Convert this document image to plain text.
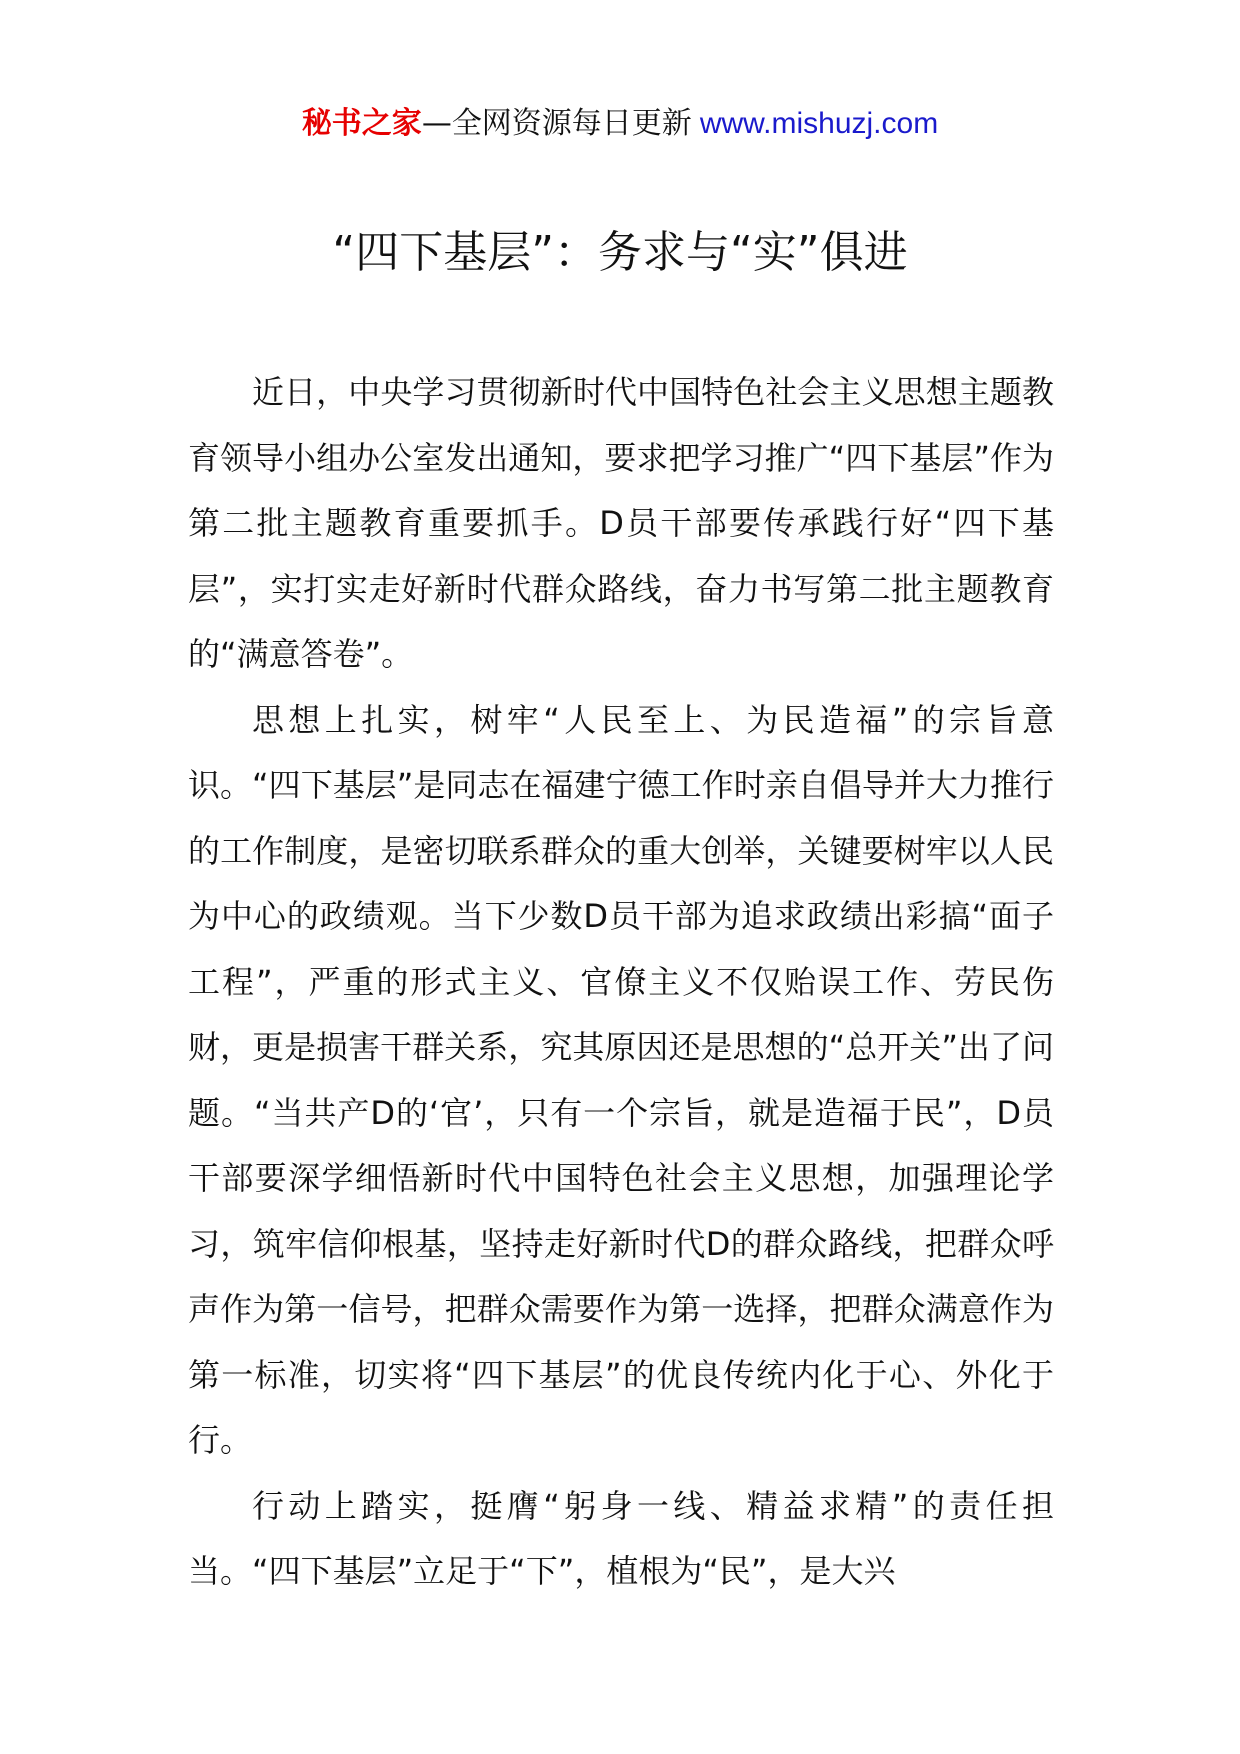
秘书之家—全网资源每日更新 www.mishuzj.com
“四下基层”：务求与“实”俱进

近日，中央学习贯彻新时代中国特色社会主义思想主题教育领导小组办公室发出通知，要求把学习推广“四下基层”作为第二批主题教育重要抓手。D员干部要传承践行好“四下基层”，实打实走好新时代群众路线，奋力书写第二批主题教育的“满意答卷”。

思想上扎实，树牢“人民至上、为民造福”的宗旨意识。“四下基层”是同志在福建宁德工作时亲自倡导并大力推行的工作制度，是密切联系群众的重大创举，关键要树牢以人民为中心的政绩观。当下少数D员干部为追求政绩出彩搞“面子工程”，严重的形式主义、官僚主义不仅贻误工作、劳民伤财，更是损害干群关系，究其原因还是思想的“总开关”出了问题。“当共产D的‘官’，只有一个宗旨，就是造福于民”，D员干部要深学细悟新时代中国特色社会主义思想，加强理论学习，筑牢信仰根基，坚持走好新时代D的群众路线，把群众呼声作为第一信号，把群众需要作为第一选择，把群众满意作为第一标准，切实将“四下基层”的优良传统内化于心、外化于行。

行动上踏实，挺膺“躬身一线、精益求精”的责任担当。“四下基层”立足于“下”，植根为“民”，是大兴
